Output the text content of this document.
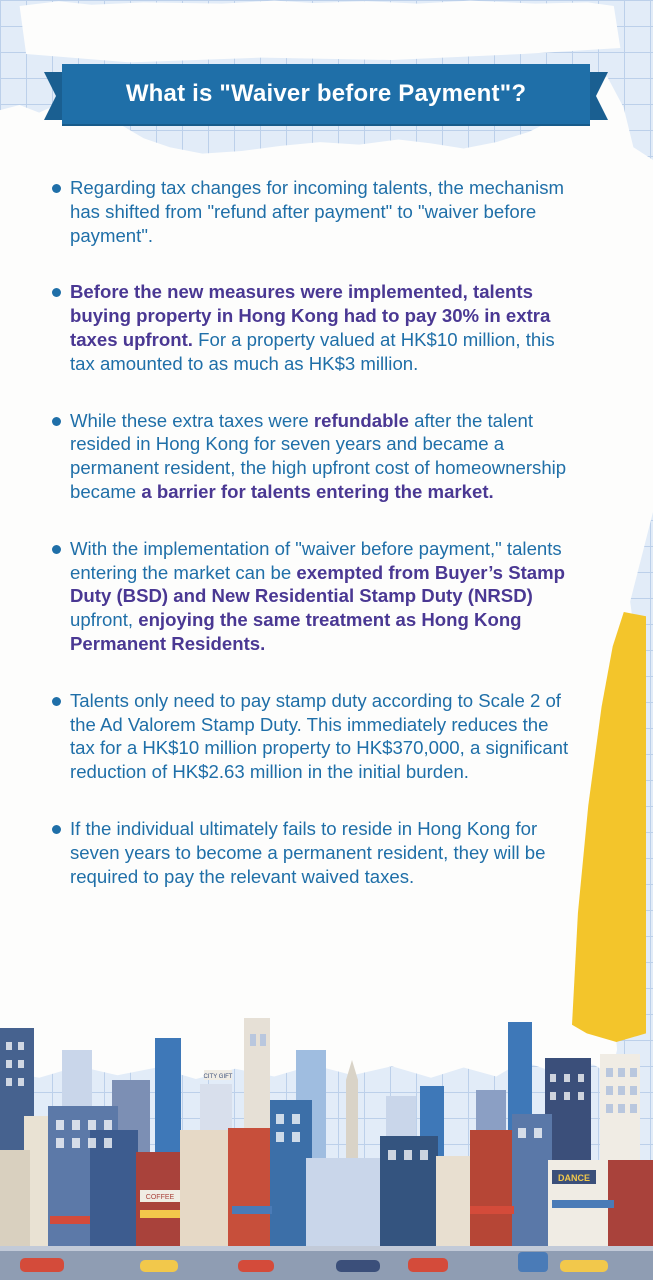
What is "Waiver before Payment"?
Regarding tax changes for incoming talents, the mechanism has shifted from "refund after payment" to "waiver before payment".
Before the new measures were implemented, talents buying property in Hong Kong had to pay 30% in extra taxes upfront. For a property valued at HK$10 million, this tax amounted to as much as HK$3 million.
While these extra taxes were refundable after the talent resided in Hong Kong for seven years and became a permanent resident, the high upfront cost of homeownership became a barrier for talents entering the market.
With the implementation of "waiver before payment," talents entering the market can be exempted from Buyer’s Stamp Duty (BSD) and New Residential Stamp Duty (NRSD) upfront, enjoying the same treatment as Hong Kong Permanent Residents.
Talents only need to pay stamp duty according to Scale 2 of the Ad Valorem Stamp Duty. This immediately reduces the tax for a HK$10 million property to HK$370,000, a significant reduction of HK$2.63 million in the initial burden.
If the individual ultimately fails to reside in Hong Kong for seven years to become a permanent resident, they will be required to pay the relevant waived taxes.
DANCE
COFFEE
CITY GIFT
